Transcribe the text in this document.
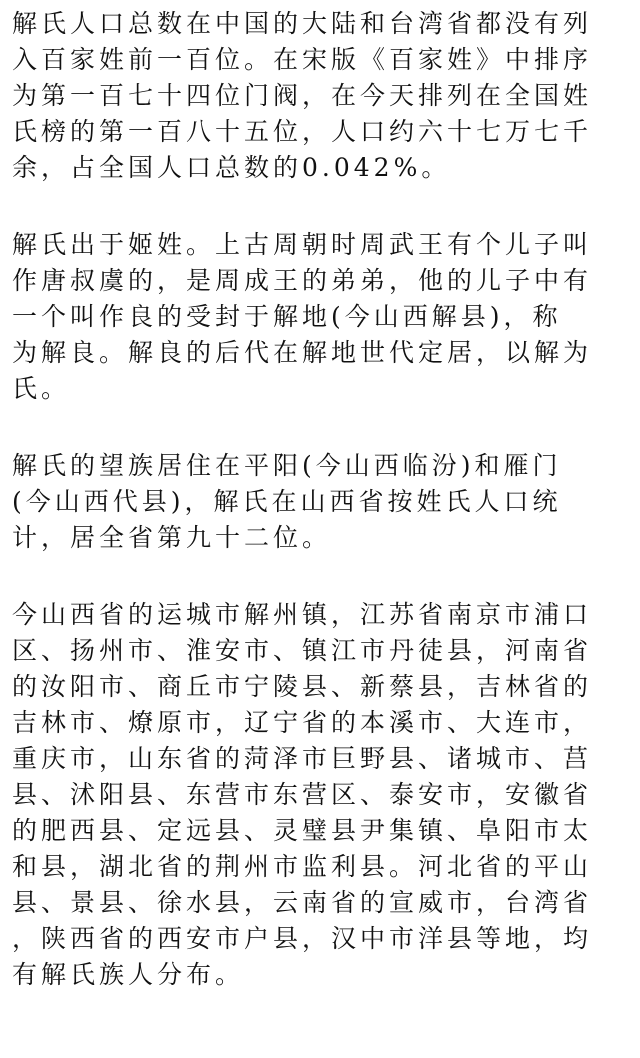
解氏人口总数在中国的大陆和台湾省都没有列
入百家姓前一百位。在宋版《百家姓》中排序
为第一百七十四位门阀，在今天排列在全国姓
氏榜的第一百八十五位，人口约六十七万七千
余，占全国人口总数的0.042%。
解氏出于姬姓。上古周朝时周武王有个儿子叫
作唐叔虞的，是周成王的弟弟，他的儿子中有
一个叫作良的受封于解地(今山西解县)，称
为解良。解良的后代在解地世代定居，以解为
氏。
解氏的望族居住在平阳(今山西临汾)和雁门
(今山西代县)，解氏在山西省按姓氏人口统
计，居全省第九十二位。
今山西省的运城市解州镇，江苏省南京市浦口
区、扬州市、淮安市、镇江市丹徒县，河南省
的汝阳市、商丘市宁陵县、新蔡县，吉林省的
吉林市、燎原市，辽宁省的本溪市、大连市，
重庆市，山东省的菏泽市巨野县、诸城市、莒
县、沭阳县、东营市东营区、泰安市，安徽省
的肥西县、定远县、灵璧县尹集镇、阜阳市太
和县，湖北省的荆州市监利县。河北省的平山
县、景县、徐水县，云南省的宣威市，台湾省
，陕西省的西安市户县，汉中市洋县等地，均
有解氏族人分布。
